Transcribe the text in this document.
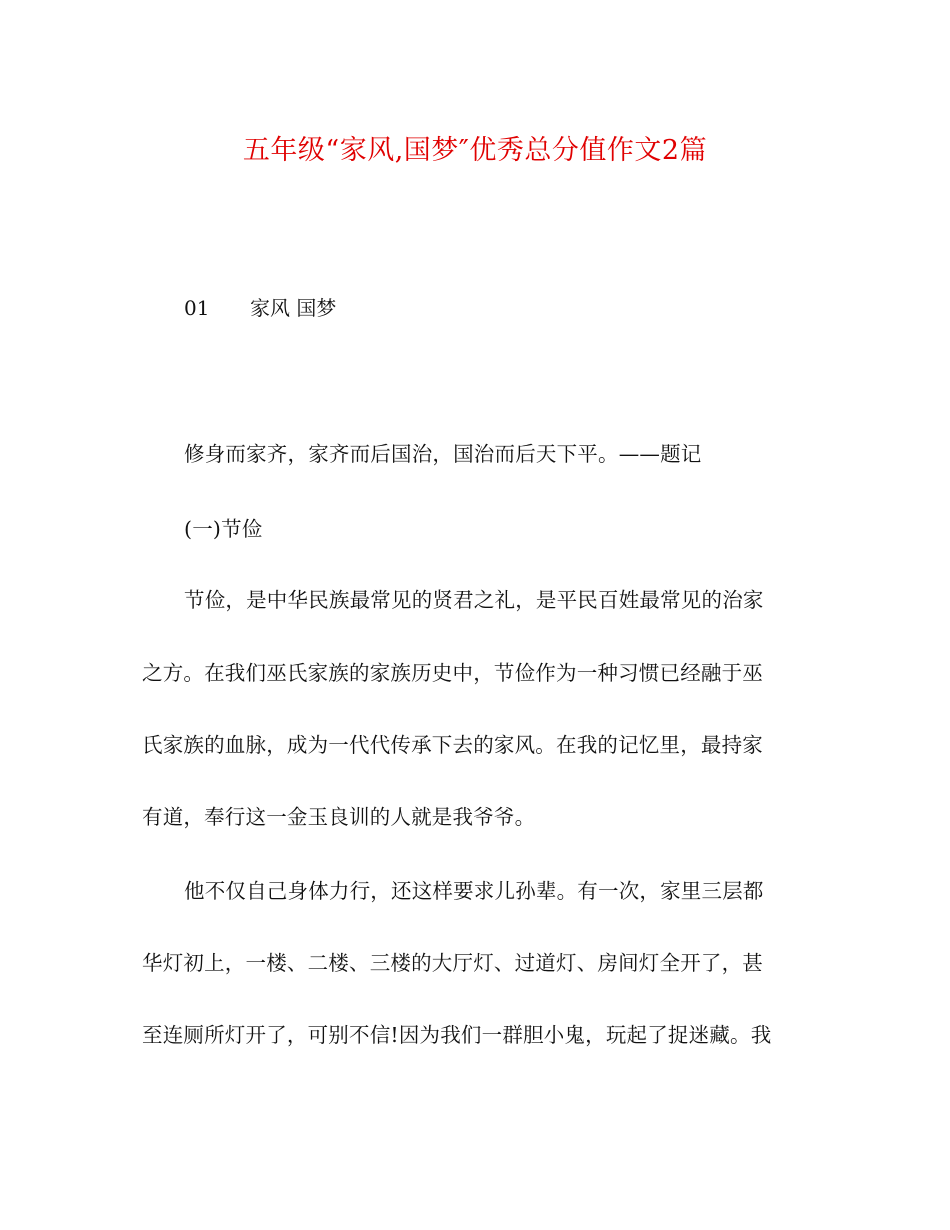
五年级“家风,国梦″优秀总分值作文2篇
01 家风 国梦
修身而家齐，家齐而后国治，国治而后天下平。——题记
(一)节俭
节俭，是中华民族最常见的贤君之礼，是平民百姓最常见的治家
之方。在我们巫氏家族的家族历史中，节俭作为一种习惯已经融于巫
氏家族的血脉，成为一代代传承下去的家风。在我的记忆里，最持家
有道，奉行这一金玉良训的人就是我爷爷。
他不仅自己身体力行，还这样要求儿孙辈。有一次，家里三层都
华灯初上，一楼、二楼、三楼的大厅灯、过道灯、房间灯全开了，甚
至连厕所灯开了，可别不信!因为我们一群胆小鬼，玩起了捉迷藏。我
